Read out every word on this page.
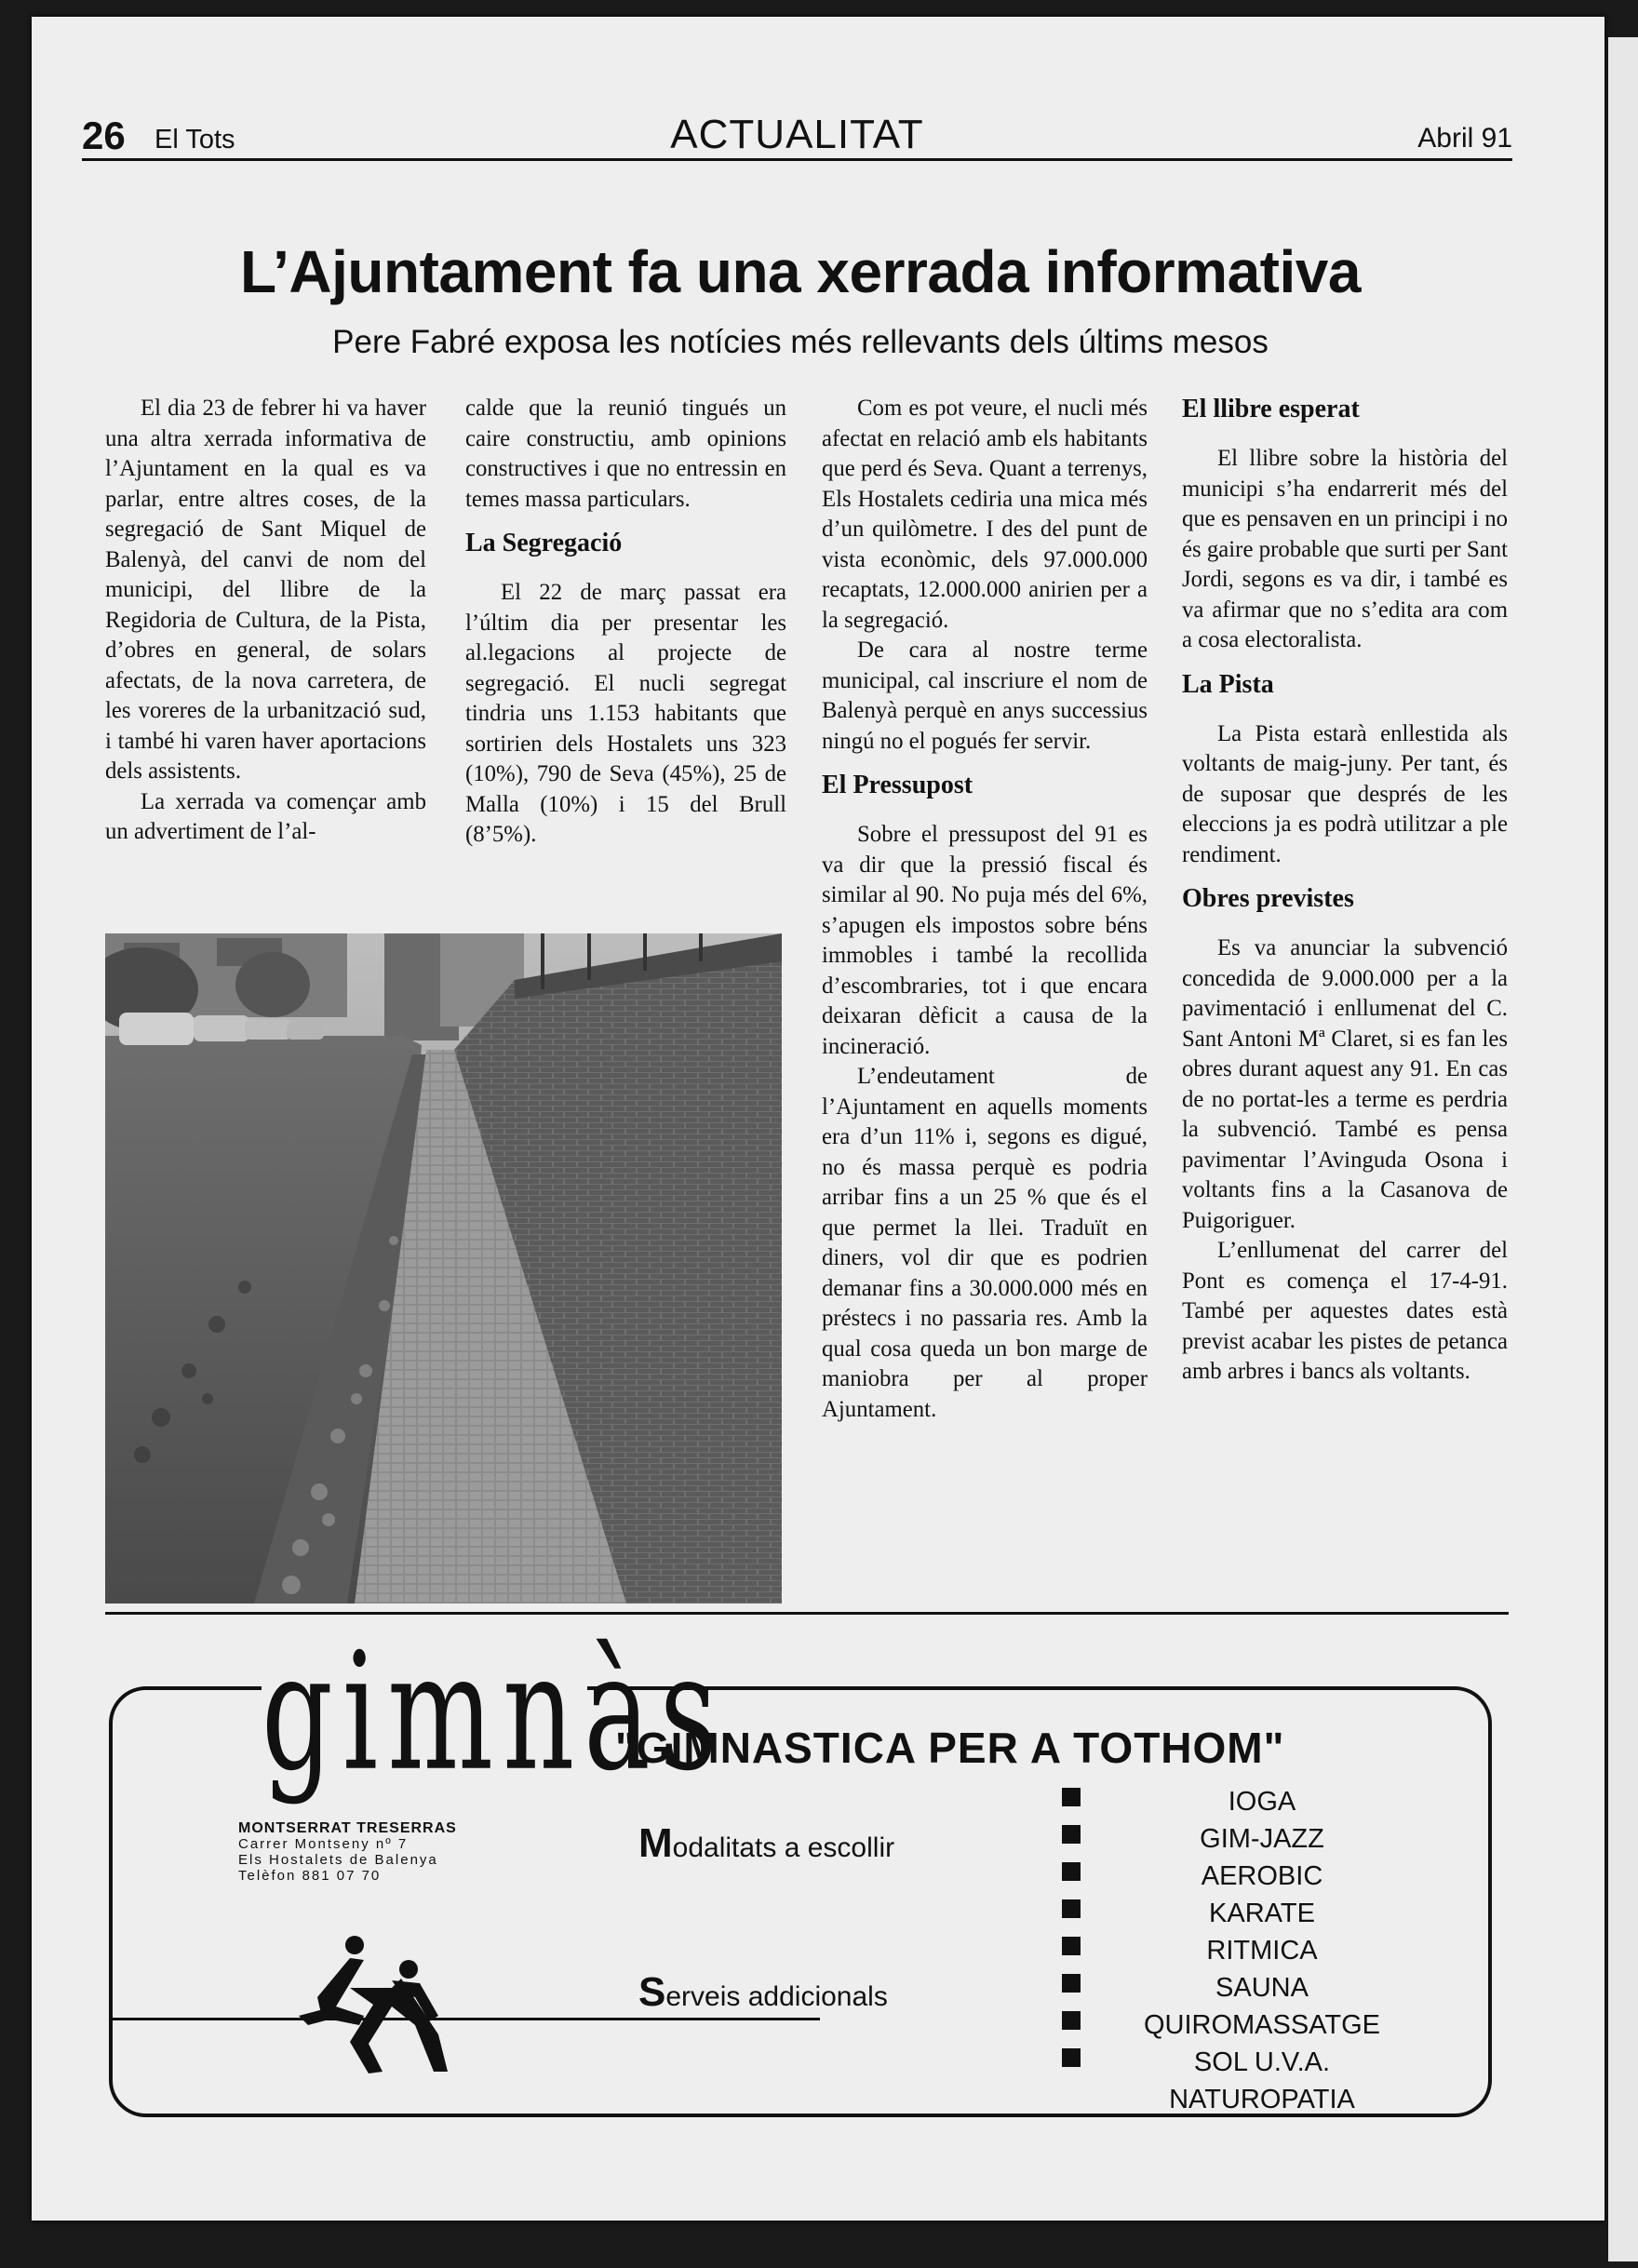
26 El Tots	ACTUALITAT	Abril 91
L’Ajuntament fa una xerrada informativa
Pere Fabré exposa les notícies més rellevants dels últims mesos

El dia 23 de febrer hi va haver una altra xerrada informativa de l’Ajuntament en la qual es va parlar, entre altres coses, de la segregació de Sant Miquel de Balenyà, del canvi de nom del municipi, del llibre de la Regidoria de Cultura, de la Pista, d’obres en general, de solars afectats, de la nova carretera, de les voreres de la urbanització sud, i també hi varen haver aportacions dels assistents.

La xerrada va començar amb un advertiment de l’al-

calde que la reunió tingués un caire constructiu, amb opinions constructives i que no entressin en temes massa particulars.

La Segregació

El 22 de març passat era l’últim dia per presentar les al.legacions al projecte de segregació. El nucli segregat tindria uns 1.153 habitants que sortirien dels Hostalets uns 323 (10%), 790 de Seva (45%), 25 de Malla (10%) i 15 del Brull (8’5%).

Com es pot veure, el nucli més afectat en relació amb els habitants que perd és Seva. Quant a terrenys, Els Hostalets cediria una mica més d’un quilòmetre. I des del punt de vista econòmic, dels 97.000.000 recaptats, 12.000.000 anirien per a la segregació.

De cara al nostre terme municipal, cal inscriure el nom de Balenyà perquè en anys successius ningú no el pogués fer servir.

El Pressupost

Sobre el pressupost del 91 es va dir que la pressió fiscal és similar al 90. No puja més del 6%, s’apugen els impostos sobre béns immobles i també la recollida d’escombraries, tot i que encara deixaran dèficit a causa de la incineració.

L’endeutament de l’Ajuntament en aquells moments era d’un 11% i, segons es digué, no és massa perquè es podria arribar fins a un 25 % que és el que permet la llei. Traduït en diners, vol dir que es podrien demanar fins a 30.000.000 més en préstecs i no passaria res. Amb la qual cosa queda un bon marge de maniobra per al proper Ajuntament.

El llibre esperat

El llibre sobre la història del municipi s’ha endarrerit més del que es pensaven en un principi i no és gaire probable que surti per Sant Jordi, segons es va dir, i també es va afirmar que no s’edita ara com a cosa electoralista.

La Pista

La Pista estarà enllestida als voltants de maig-juny. Per tant, és de suposar que després de les eleccions ja es podrà utilitzar a ple rendiment.

Obres previstes

Es va anunciar la subvenció concedida de 9.000.000 per a la pavimentació i enllumenat del C. Sant Antoni Mª Claret, si es fan les obres durant aquest any 91. En cas de no portat-les a terme es perdria la subvenció. També es pensa pavimentar l’Avinguda Osona i voltants fins a la Casanova de Puigoriguer.

L’enllumenat del carrer del Pont es comença el 17-4-91. També per aquestes dates està previst acabar les pistes de petanca amb arbres i bancs als voltants.

gimnàs
MONTSERRAT TRESERRAS
Carrer Montseny nº 7
Els Hostalets de Balenya
Telèfon 881 07 70
"GIMNASTICA PER A TOTHOM"
Modalitats a escollir
Serveis addicionals
IOGA
GIM-JAZZ
AEROBIC
KARATE
RITMICA
SAUNA
QUIROMASSATGE
SOL U.V.A.
NATUROPATIA
